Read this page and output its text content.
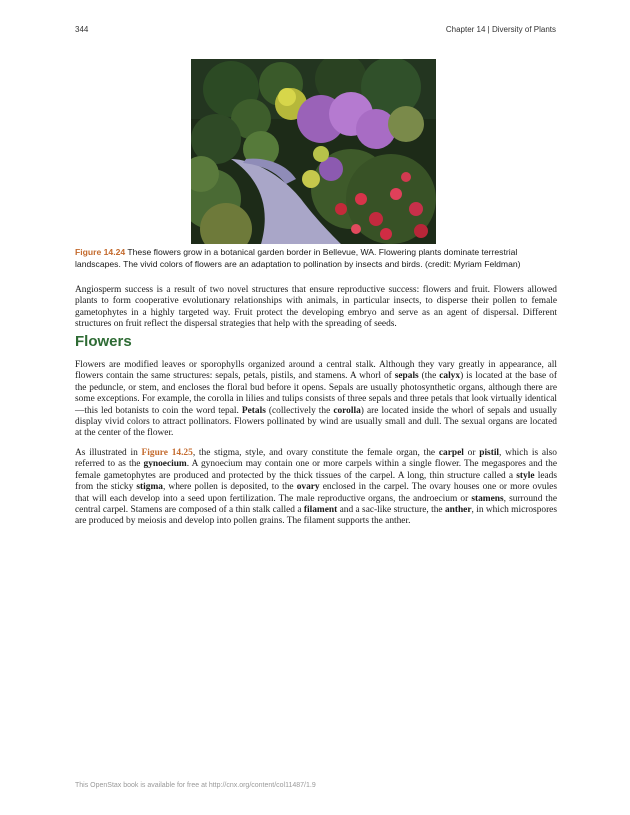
344	Chapter 14 | Diversity of Plants
Figure 14.24 These flowers grow in a botanical garden border in Bellevue, WA. Flowering plants dominate terrestrial landscapes. The vivid colors of flowers are an adaptation to pollination by insects and birds. (credit: Myriam Feldman)

Angiosperm success is a result of two novel structures that ensure reproductive success: flowers and fruit. Flowers allowed plants to form cooperative evolutionary relationships with animals, in particular insects, to disperse their pollen to female gametophytes in a highly targeted way. Fruit protect the developing embryo and serve as an agent of dispersal. Different structures on fruit reflect the dispersal strategies that help with the spreading of seeds.

Flowers

Flowers are modified leaves or sporophylls organized around a central stalk. Although they vary greatly in appearance, all flowers contain the same structures: sepals, petals, pistils, and stamens. A whorl of sepals (the calyx) is located at the base of the peduncle, or stem, and encloses the floral bud before it opens. Sepals are usually photosynthetic organs, although there are some exceptions. For example, the corolla in lilies and tulips consists of three sepals and three petals that look virtually identical—this led botanists to coin the word tepal. Petals (collectively the corolla) are located inside the whorl of sepals and usually display vivid colors to attract pollinators. Flowers pollinated by wind are usually small and dull. The sexual organs are located at the center of the flower.

As illustrated in Figure 14.25, the stigma, style, and ovary constitute the female organ, the carpel or pistil, which is also referred to as the gynoecium. A gynoecium may contain one or more carpels within a single flower. The megaspores and the female gametophytes are produced and protected by the thick tissues of the carpel. A long, thin structure called a style leads from the sticky stigma, where pollen is deposited, to the ovary enclosed in the carpel. The ovary houses one or more ovules that will each develop into a seed upon fertilization. The male reproductive organs, the androecium or stamens, surround the central carpel. Stamens are composed of a thin stalk called a filament and a sac-like structure, the anther, in which microspores are produced by meiosis and develop into pollen grains. The filament supports the anther.

This OpenStax book is available for free at http://cnx.org/content/col11487/1.9
